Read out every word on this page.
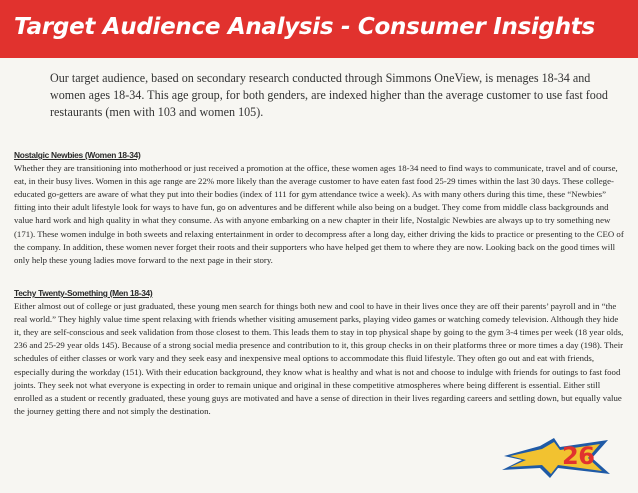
Target Audience Analysis - Consumer Insights
Our target audience, based on secondary research conducted through Simmons OneView, is menages 18-34 and women ages 18-34. This age group, for both genders, are indexed higher than the average customer to use fast food restaurants (men with 103 and women 105).
Nostalgic Newbies (Women 18-34)
Whether they are transitioning into motherhood or just received a promotion at the office, these women ages 18-34 need to find ways to communicate, travel and of course, eat, in their busy lives. Women in this age range are 22% more likely than the average customer to have eaten fast food 25-29 times within the last 30 days. These college-educated go-getters are aware of what they put into their bodies (index of 111 for gym attendance twice a week). As with many others during this time, these “Newbies” fitting into their adult lifestyle look for ways to have fun, go on adventures and be different while also being on a budget. They come from middle class backgrounds and value hard work and high quality in what they consume. As with anyone embarking on a new chapter in their life, Nostalgic Newbies are always up to try something new (171). These women indulge in both sweets and relaxing entertainment in order to decompress after a long day, either driving the kids to practice or presenting to the CEO of the company. In addition, these women never forget their roots and their supporters who have helped get them to where they are now. Looking back on the good times will only help these young ladies move forward to the next page in their story.
Techy Twenty-Something (Men 18-34)
Either almost out of college or just graduated, these young men search for things both new and cool to have in their lives once they are off their parents’ payroll and in “the real world.” They highly value time spent relaxing with friends whether visiting amusement parks, playing video games or watching comedy television. Although they hide it, they are self-conscious and seek validation from those closest to them. This leads them to stay in top physical shape by going to the gym 3-4 times per week (18 year olds, 236 and 25-29 year olds 145). Because of a strong social media presence and contribution to it, this group checks in on their platforms three or more times a day (198). Their schedules of either classes or work vary and they seek easy and inexpensive meal options to accommodate this fluid lifestyle. They often go out and eat with friends, especially during the workday (151). With their education background, they know what is healthy and what is not and choose to indulge with friends for outings to fast food joints. They seek not what everyone is expecting in order to remain unique and original in these competitive atmospheres where being different is essential. Either still enrolled as a student or recently graduated, these young guys are motivated and have a sense of direction in their lives regarding careers and settling down, but equally value the journey getting there and not simply the destination.
26
